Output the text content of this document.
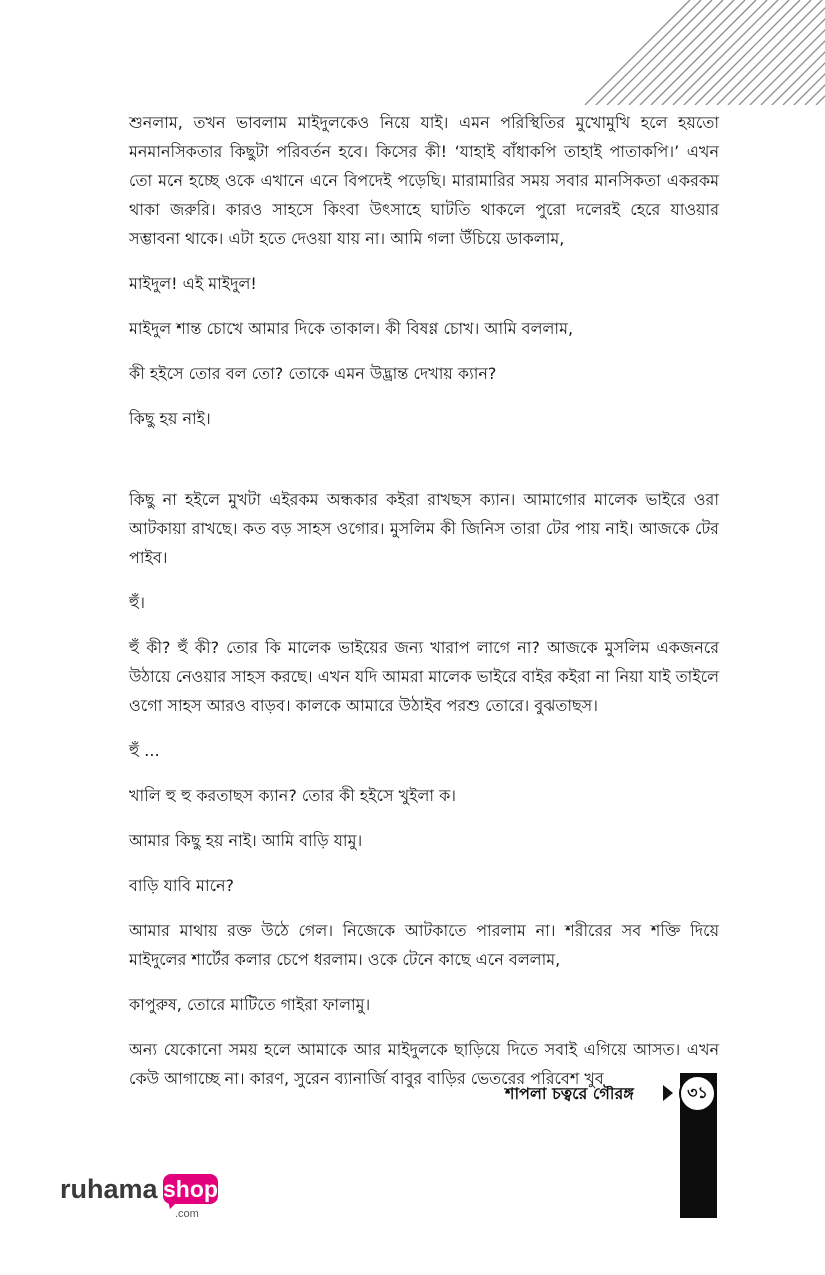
শুনলাম, তখন ভাবলাম মাইদুলকেও নিয়ে যাই। এমন পরিস্থিতির মুখোমুখি হলে হয়তো মনমানসিকতার কিছুটা পরিবর্তন হবে। কিসের কী! ‘যাহাই বাঁধাকপি তাহাই পাতাকপি।’ এখন তো মনে হচ্ছে ওকে এখানে এনে বিপদেই পড়েছি। মারামারির সময় সবার মানসিকতা একরকম থাকা জরুরি। কারও সাহসে কিংবা উৎসাহে ঘাটতি থাকলে পুরো দলেরই হেরে যাওয়ার সম্ভাবনা থাকে। এটা হতে দেওয়া যায় না। আমি গলা উঁচিয়ে ডাকলাম,

মাইদুল! এই মাইদুল!

মাইদুল শান্ত চোখে আমার দিকে তাকাল। কী বিষণ্ণ চোখ। আমি বললাম,

কী হইসে তোর বল তো? তোকে এমন উদ্ভ্রান্ত দেখায় ক্যান?

কিছু হয় নাই।

কিছু না হইলে মুখটা এইরকম অন্ধকার কইরা রাখছস ক্যান। আমাগোর মালেক ভাইরে ওরা আটকায়া রাখছে। কত বড় সাহস ওগোর। মুসলিম কী জিনিস তারা টের পায় নাই। আজকে টের পাইব।

হুঁ।

হুঁ কী? হুঁ কী? তোর কি মালেক ভাইয়ের জন্য খারাপ লাগে না? আজকে মুসলিম একজনরে উঠায়ে নেওয়ার সাহস করছে। এখন যদি আমরা মালেক ভাইরে বাইর কইরা না নিয়া যাই তাইলে ওগো সাহস আরও বাড়ব। কালকে আমারে উঠাইব পরশু তোরে। বুঝতাছস।

হুঁ ...

খালি হু হু করতাছস ক্যান? তোর কী হইসে খুইলা ক।

আমার কিছু হয় নাই। আমি বাড়ি যামু।

বাড়ি যাবি মানে?

আমার মাথায় রক্ত উঠে গেল। নিজেকে আটকাতে পারলাম না। শরীরের সব শক্তি দিয়ে মাইদুলের শার্টের কলার চেপে ধরলাম। ওকে টেনে কাছে এনে বললাম,

কাপুরুষ, তোরে মাটিতে গাইরা ফালামু।

অন্য যেকোনো সময় হলে আমাকে আর মাইদুলকে ছাড়িয়ে দিতে সবাই এগিয়ে আসত। এখন কেউ আগাচ্ছে না। কারণ, সুরেন ব্যানার্জি বাবুর বাড়ির ভেতরের পরিবেশ খুব

শাপলা চত্বরে গৌরঙ্গ	৩১
ruhama shop
.com
